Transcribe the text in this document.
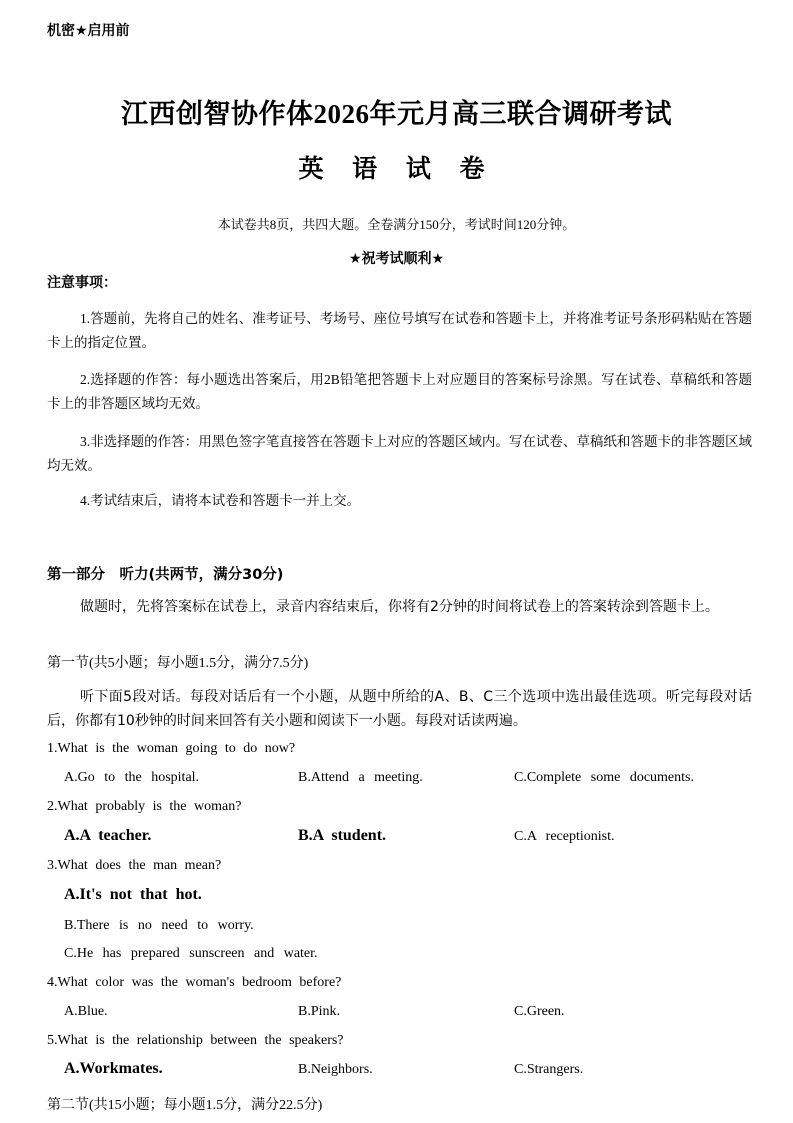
机密★启用前
江西创智协作体2026年元月高三联合调研考试
英 语 试 卷
本试卷共8页，共四大题。全卷满分150分，考试时间120分钟。
★祝考试顺利★
注意事项：
1.答题前，先将自己的姓名、准考证号、考场号、座位号填写在试卷和答题卡上，并将准考证号条形码粘贴在答题卡上的指定位置。
2.选择题的作答：每小题选出答案后，用2B铅笔把答题卡上对应题目的答案标号涂黑。写在试卷、草稿纸和答题卡上的非答题区域均无效。
3.非选择题的作答：用黑色签字笔直接答在答题卡上对应的答题区域内。写在试卷、草稿纸和答题卡的非答题区域均无效。
4.考试结束后，请将本试卷和答题卡一并上交。
第一部分　听力(共两节，满分30分)
做题时，先将答案标在试卷上，录音内容结束后，你将有2分钟的时间将试卷上的答案转涂到答题卡上。
第一节(共5小题；每小题1.5分，满分7.5分)
听下面5段对话。每段对话后有一个小题，从题中所给的A、B、C三个选项中选出最佳选项。听完每段对话后，你都有10秒钟的时间来回答有关小题和阅读下一小题。每段对话读两遍。
1.What is the woman going to do now?
A.Go to the hospital.	B.Attend a meeting.	C.Complete some documents.
2.What probably is the woman?
A.A teacher.	B.A student.	C.A receptionist.
3.What does the man mean?
A.It's not that hot.
B.There is no need to worry.
C.He has prepared sunscreen and water.
4.What color was the woman's bedroom before?
A.Blue.	B.Pink.	C.Green.
5.What is the relationship between the speakers?
A.Workmates.	B.Neighbors.	C.Strangers.
第二节(共15小题；每小题1.5分，满分22.5分)
